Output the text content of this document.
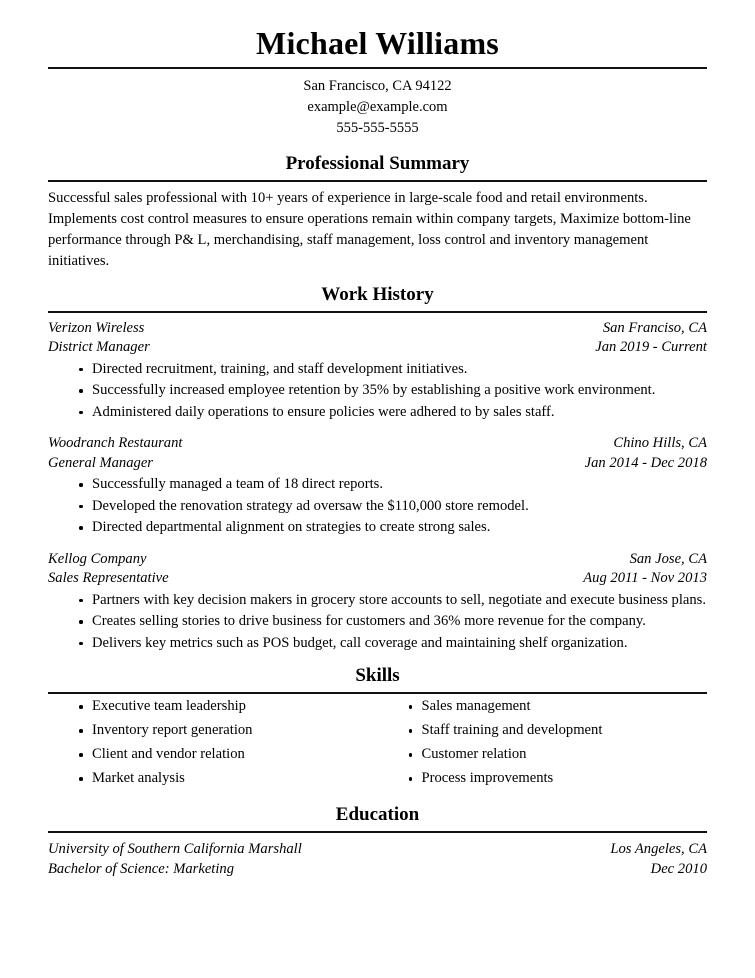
Michael Williams
San Francisco, CA 94122
example@example.com
555-555-5555
Professional Summary
Successful sales professional with 10+ years of experience in large-scale food and retail environments. Implements cost control measures to ensure operations remain within company targets, Maximize bottom-line performance through P& L, merchandising, staff management, loss control and inventory management initiatives.
Work History
Verizon Wireless	San Franciso, CA
District Manager	Jan 2019 - Current
Directed recruitment, training, and staff development initiatives.
Successfully increased employee retention by 35% by establishing a positive work environment.
Administered daily operations to ensure policies were adhered to by sales staff.
Woodranch Restaurant	Chino Hills, CA
General Manager	Jan 2014 - Dec 2018
Successfully managed a team of 18 direct reports.
Developed the renovation strategy ad oversaw the $110,000 store remodel.
Directed departmental alignment on strategies to create strong sales.
Kellog Company	San Jose, CA
Sales Representative	Aug 2011 - Nov 2013
Partners with key decision makers in grocery store accounts to sell, negotiate and execute business plans.
Creates selling stories to drive business for customers and 36% more revenue for the company.
Delivers key metrics such as POS budget, call coverage and maintaining shelf organization.
Skills
Executive team leadership
Inventory report generation
Client and vendor relation
Market analysis
Sales management
Staff training and development
Customer relation
Process improvements
Education
University of Southern California Marshall	Los Angeles, CA
Bachelor of Science: Marketing	Dec 2010
